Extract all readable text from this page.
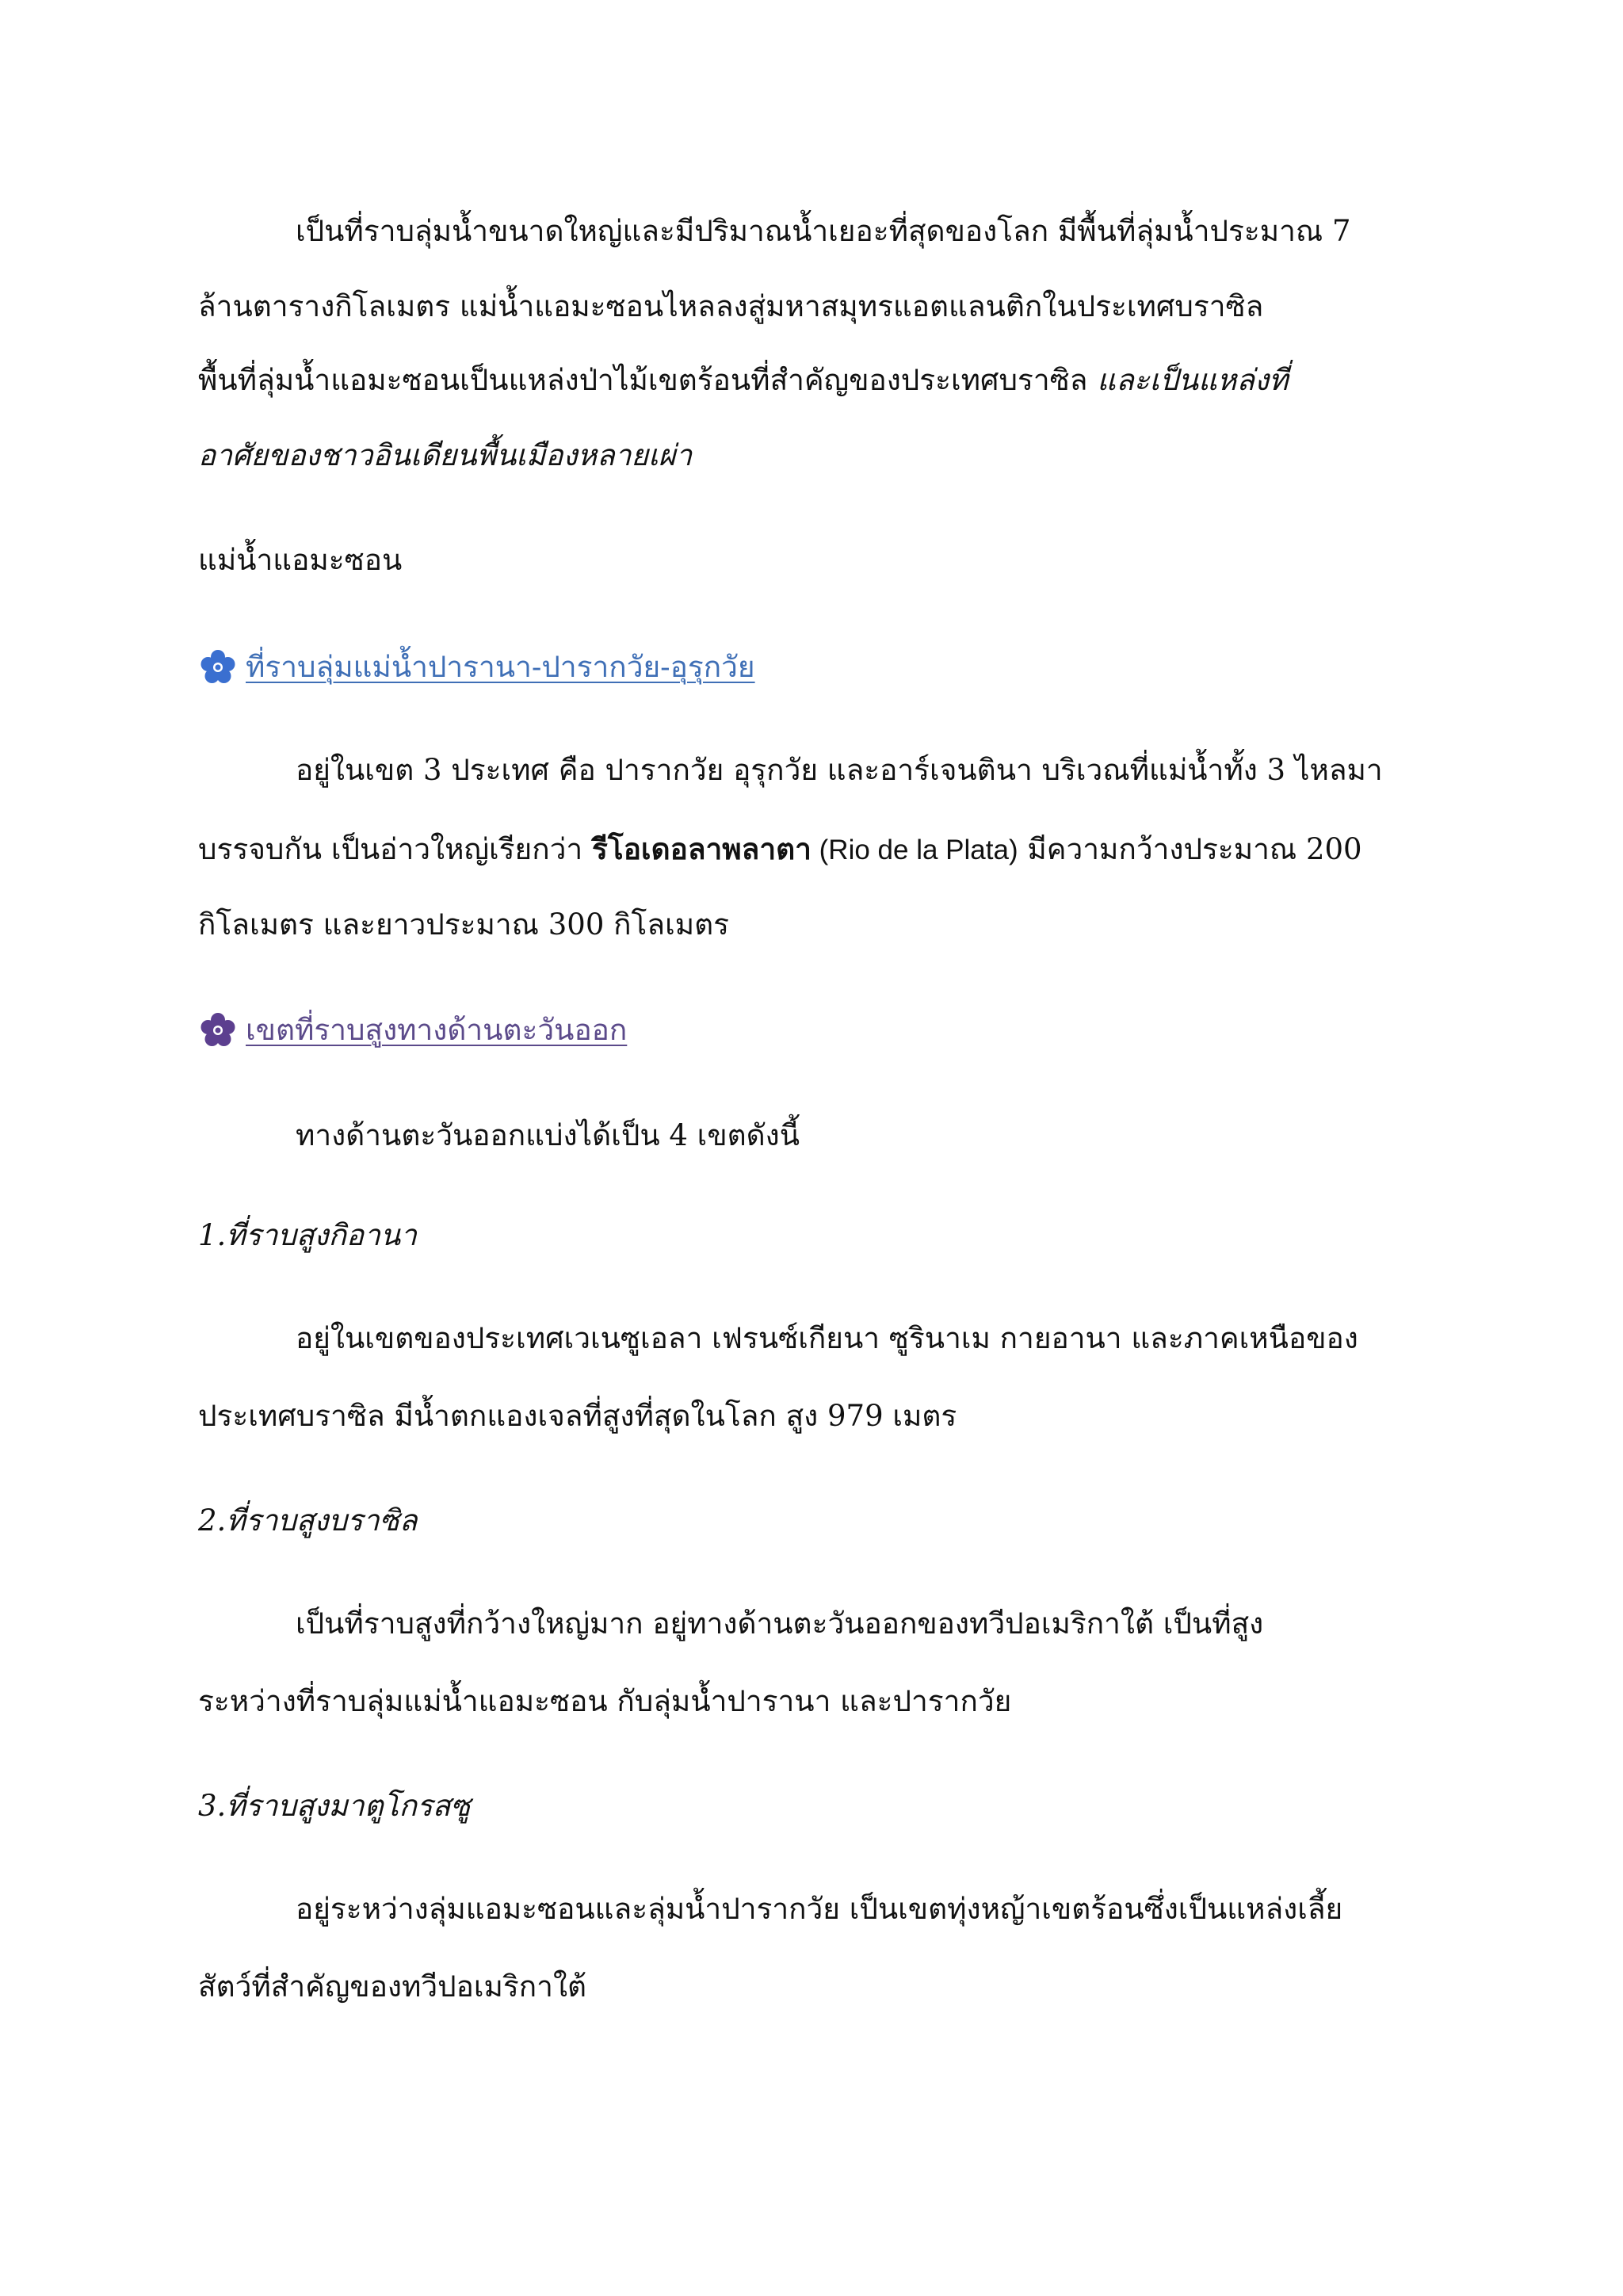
เป็นที่ราบลุ่มน้ำขนาดใหญ่และมีปริมาณน้ำเยอะที่สุดของโลก มีพื้นที่ลุ่มน้ำประมาณ 7
ล้านตารางกิโลเมตร แม่น้ำแอมะซอนไหลลงสู่มหาสมุทรแอตแลนติกในประเทศบราซิล
พื้นที่ลุ่มน้ำแอมะซอนเป็นแหล่งป่าไม้เขตร้อนที่สำคัญของประเทศบราซิล และเป็นแหล่งที่
อาศัยของชาวอินเดียนพื้นเมืองหลายเผ่า
แม่น้ำแอมะซอน
ที่ราบลุ่มแม่น้ำปารานา-ปารากวัย-อุรุกวัย
อยู่ในเขต 3 ประเทศ คือ ปารากวัย อุรุกวัย และอาร์เจนตินา บริเวณที่แม่น้ำทั้ง 3 ไหลมา
บรรจบกัน เป็นอ่าวใหญ่เรียกว่า รีโอเดอลาพลาตา (Rio de la Plata) มีความกว้างประมาณ 200
กิโลเมตร และยาวประมาณ 300 กิโลเมตร
เขตที่ราบสูงทางด้านตะวันออก
ทางด้านตะวันออกแบ่งได้เป็น 4 เขตดังนี้
1.ที่ราบสูงกิอานา
อยู่ในเขตของประเทศเวเนซูเอลา เฟรนซ์เกียนา ซูรินาเม กายอานา และภาคเหนือของ
ประเทศบราซิล มีน้ำตกแองเจลที่สูงที่สุดในโลก สูง 979 เมตร
2.ที่ราบสูงบราซิล
เป็นที่ราบสูงที่กว้างใหญ่มาก อยู่ทางด้านตะวันออกของทวีปอเมริกาใต้ เป็นที่สูง
ระหว่างที่ราบลุ่มแม่น้ำแอมะซอน กับลุ่มน้ำปารานา และปารากวัย
3.ที่ราบสูงมาตูโกรสซู
อยู่ระหว่างลุ่มแอมะซอนและลุ่มน้ำปารากวัย เป็นเขตทุ่งหญ้าเขตร้อนซึ่งเป็นแหล่งเลี้ย
สัตว์ที่สำคัญของทวีปอเมริกาใต้
